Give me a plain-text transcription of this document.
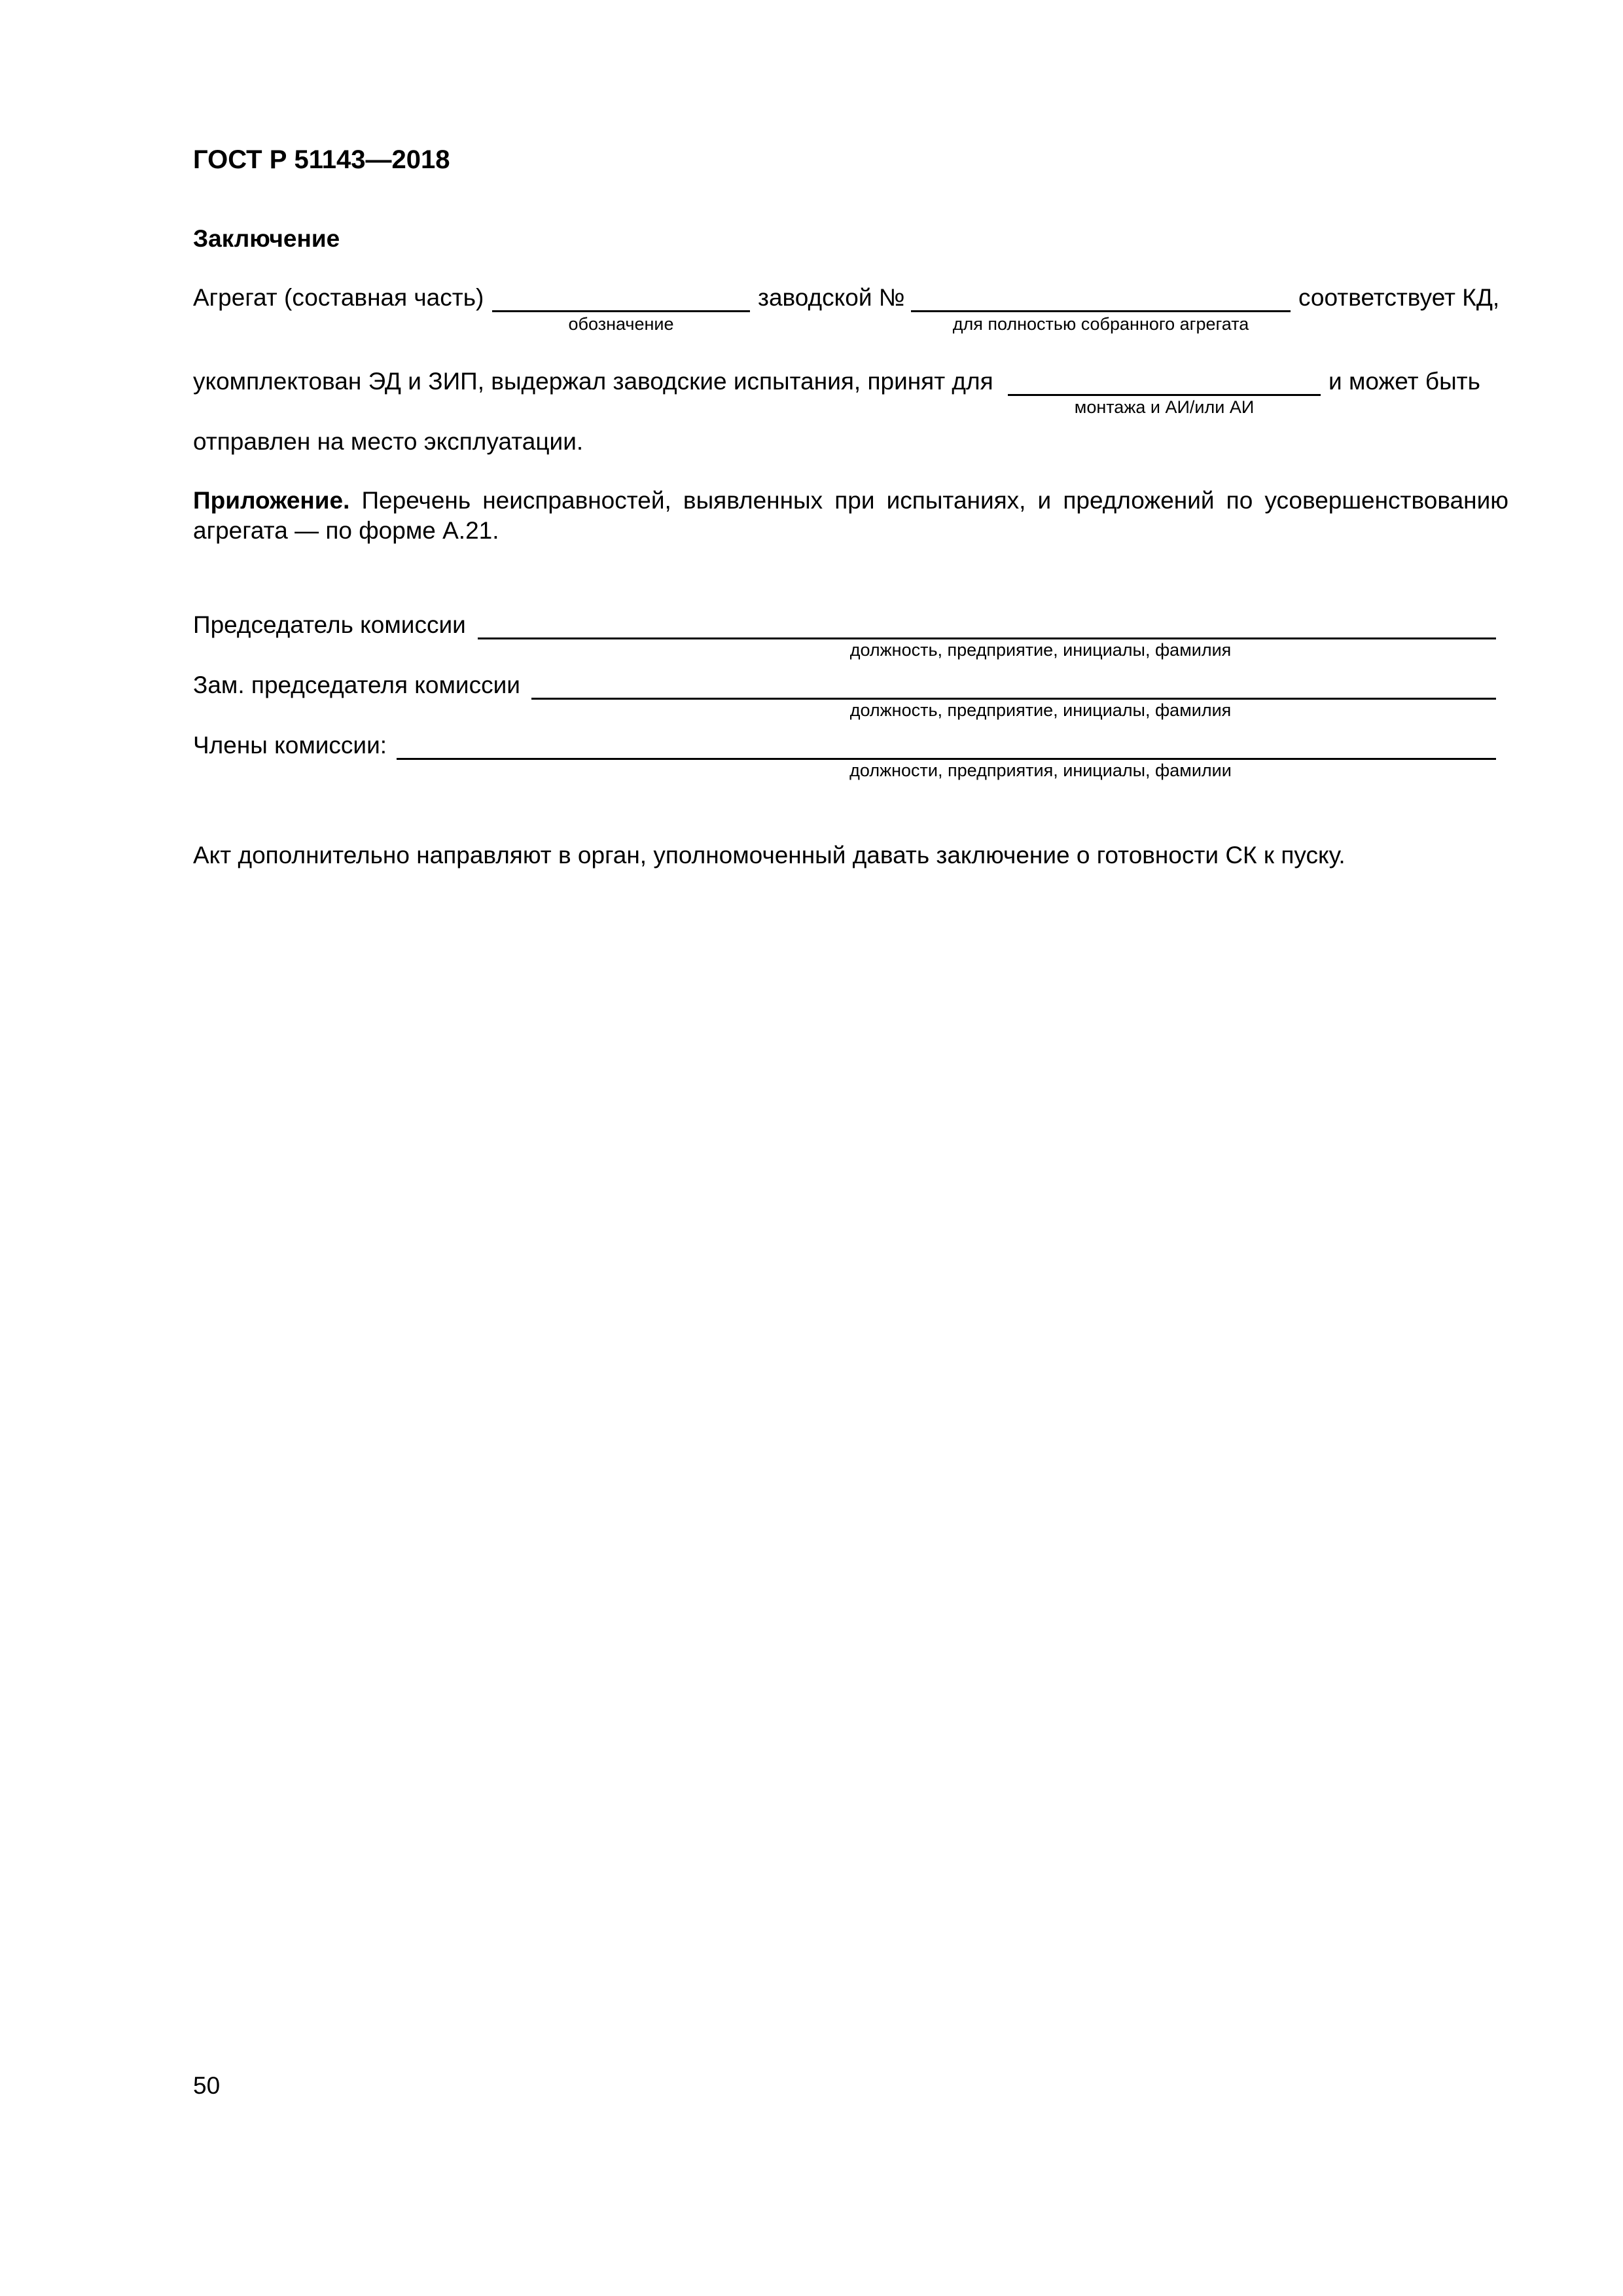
ГОСТ Р 51143—2018
Заключение
Агрегат (составная часть)
обозначение
заводской №
для полностью собранного агрегата
соответствует КД,
укомплектован ЭД и ЗИП, выдержал заводские испытания, принят для
монтажа и АИ/или АИ
и может быть
отправлен на место эксплуатации.
Приложение. Перечень неисправностей, выявленных при испытаниях, и предложений по усовершенствованию агрегата — по форме А.21.
Председатель комиссии
должность, предприятие, инициалы, фамилия
Зам. председателя комиссии
должность, предприятие, инициалы, фамилия
Члены комиссии:
должности, предприятия, инициалы, фамилии
Акт дополнительно направляют в орган, уполномоченный давать заключение о готовности СК к пуску.
50
